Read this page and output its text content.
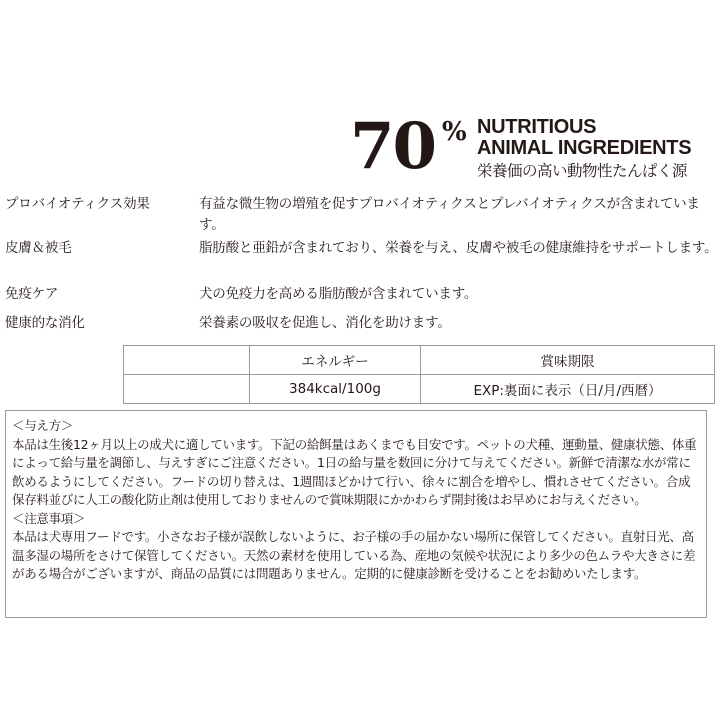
70 % NUTRITIOUS
ANIMAL INGREDIENTS
栄養価の高い動物性たんぱく源
プロバイオティクス効果	有益な微生物の増殖を促すプロバイオティクスとプレバイオティクスが含まれています。
皮膚＆被毛	脂肪酸と亜鉛が含まれており、栄養を与え、皮膚や被毛の健康維持をサポートします。
免疫ケア	犬の免疫力を高める脂肪酸が含まれています。
健康的な消化	栄養素の吸収を促進し、消化を助けます。
	エネルギー	賞味期限
	384kcal/100g	EXP:裏面に表示（日/月/西暦）

＜与え方＞

本品は生後12ヶ月以上の成犬に適しています。下記の給餌量はあくまでも目安です。ペットの犬種、運動量、健康状態、体重によって給与量を調節し、与えすぎにご注意ください。1日の給与量を数回に分けて与えてください。新鮮で清潔な水が常に飲めるようにしてください。フードの切り替えは、1週間ほどかけて行い、徐々に割合を増やし、慣れさせてください。合成保存料並びに人工の酸化防止剤は使用しておりませんので賞味期限にかかわらず開封後はお早めにお与えください。

＜注意事項＞

本品は犬専用フードです。小さなお子様が誤飲しないように、お子様の手の届かない場所に保管してください。直射日光、高温多湿の場所をさけて保管してください。天然の素材を使用している為、産地の気候や状況により多少の色ムラや大きさに差がある場合がございますが、商品の品質には問題ありません。定期的に健康診断を受けることをお勧めいたします。
